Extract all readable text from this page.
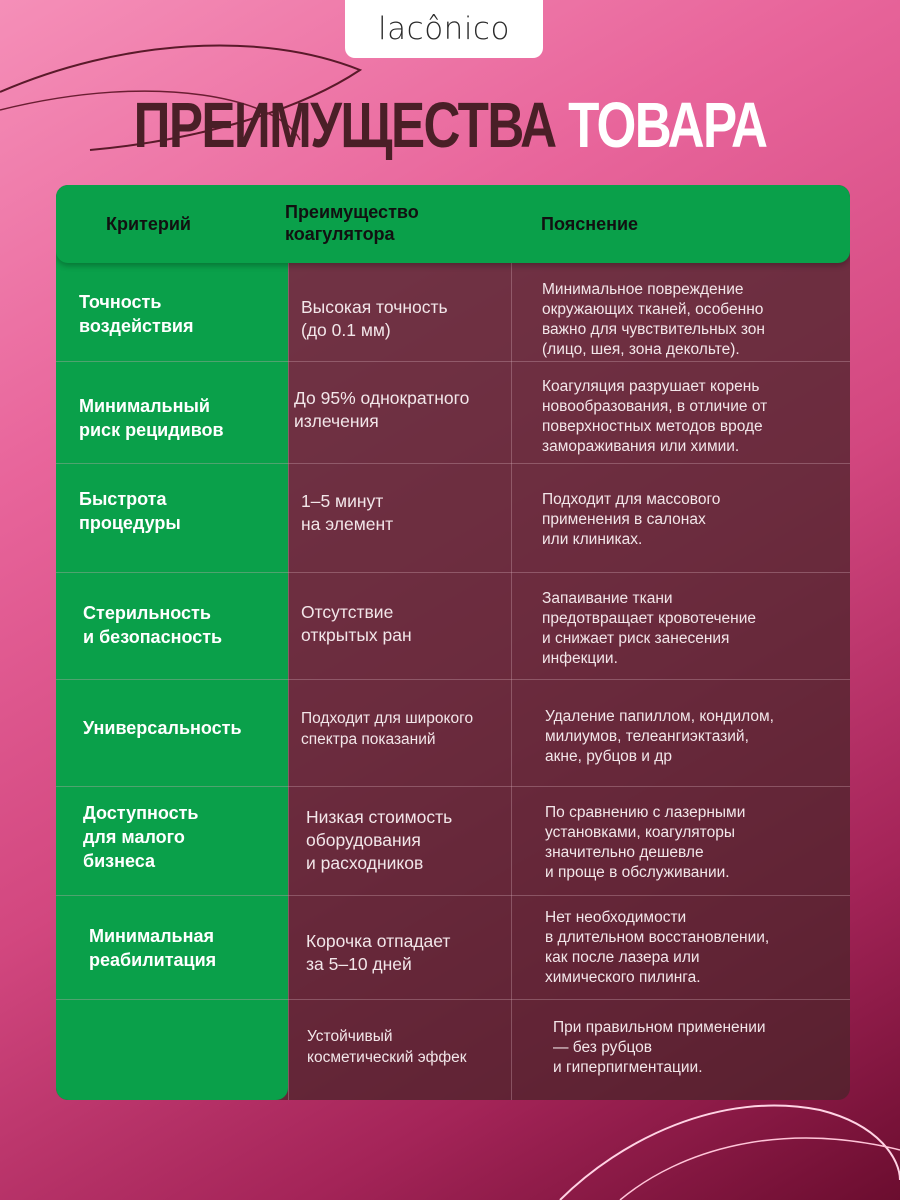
lacônico
ПРЕИМУЩЕСТВА ТОВАРА
Критерий
Преимущество
коагулятора	Пояснение
Точность
воздействия
Высокая точность
(до 0.1 мм)
Минимальное повреждение
окружающих тканей, особенно
важно для чувствительных зон
(лицо, шея, зона декольте).
Минимальный
риск рецидивов
До 95% однократного
излечения
Коагуляция разрушает корень
новообразования, в отличие от
поверхностных методов вроде
замораживания или химии.
Быстрота
процедуры
1–5 минут
на элемент
Подходит для массового
применения в салонах
или клиниках.
Стерильность
и безопасность
Отсутствие
открытых ран
Запаивание ткани
предотвращает кровотечение
и снижает риск занесения
инфекции.
Универсальность	Подходит для широкого
спектра показаний
Удаление папиллом, кондилом,
милиумов, телеангиэктазий,
акне, рубцов и др
Доступность
для малого
бизнеса
Низкая стоимость
оборудования
и расходников
По сравнению с лазерными
установками, коагуляторы
значительно дешевле
и проще в обслуживании.
Минимальная
реабилитация
Корочка отпадает
за 5–10 дней
Нет необходимости
в длительном восстановлении,
как после лазера или
химического пилинга.
Устойчивый
косметический эффек
При правильном применении
— без рубцов
и гиперпигментации.
